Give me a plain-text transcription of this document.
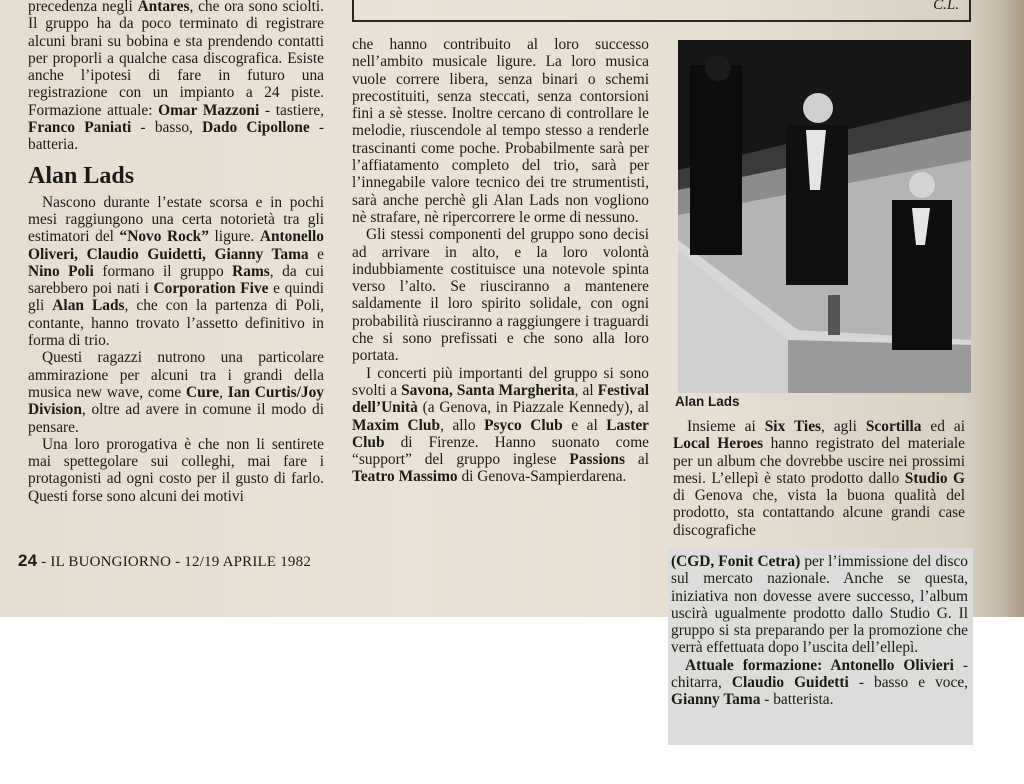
C.L.

precedenza negli Antares, che ora sono sciolti. Il gruppo ha da poco terminato di registrare alcuni brani su bobina e sta prendendo contatti per proporli a qualche casa discografica. Esiste anche l’ipotesi di fare in futuro una registrazione con un impianto a 24 piste. Formazione attuale: Omar Mazzoni - tastiere, Franco Paniati - basso, Dado Cipollone - batteria.

Alan Lads

Nascono durante l’estate scorsa e in pochi mesi raggiungono una certa notorietà tra gli estimatori del “Novo Rock” ligure. Antonello Oliveri, Claudio Guidetti, Gianny Tama e Nino Poli formano il gruppo Rams, da cui sarebbero poi nati i Corporation Five e quindi gli Alan Lads, che con la partenza di Poli, contante, hanno trovato l’assetto definitivo in forma di trio.

Questi ragazzi nutrono una particolare ammirazione per alcuni tra i grandi della musica new wave, come Cure, Ian Curtis/Joy Division, oltre ad avere in comune il modo di pensare.

Una loro prorogativa è che non li sentirete mai spettegolare sui colleghi, mai fare i protagonisti ad ogni costo per il gusto di farlo. Questi forse sono alcuni dei motivi

che hanno contribuito al loro successo nell’ambito musicale ligure. La loro musica vuole correre libera, senza binari o schemi precostituiti, senza steccati, senza contorsioni fini a sè stesse. Inoltre cercano di controllare le melodie, riuscendole al tempo stesso a renderle trascinanti come poche. Probabilmente sarà per l’affiatamento completo del trio, sarà per l’innegabile valore tecnico dei tre strumentisti, sarà anche perchè gli Alan Lads non vogliono nè strafare, nè ripercorrere le orme di nessuno.

Gli stessi componenti del gruppo sono decisi ad arrivare in alto, e la loro volontà indubbiamente costituisce una notevole spinta verso l’alto. Se riusciranno a mantenere saldamente il loro spirito solidale, con ogni probabilità riusciranno a raggiungere i traguardi che si sono prefissati e che sono alla loro portata.

I concerti più importanti del gruppo si sono svolti a Savona, Santa Margherita, al Festival dell’Unità (a Genova, in Piazzale Kennedy), al Maxim Club, allo Psyco Club e al Laster Club di Firenze. Hanno suonato come “support” del gruppo inglese Passions al Teatro Massimo di Genova-Sampierdarena.

Alan Lads

Insieme ai Six Ties, agli Scortilla ed ai Local Heroes hanno registrato del materiale per un album che dovrebbe uscire nei prossimi mesi. L’ellepì è stato prodotto dallo Studio G di Genova che, vista la buona qualità del prodotto, sta contattando alcune grandi case discografiche

24 - IL BUONGIORNO - 12/19 APRILE 1982	(CGD, Fonit Cetra) per l’immissione del disco sul mercato nazionale. Anche se questa, iniziativa non dovesse avere successo, l’album uscirà ugualmente prodotto dallo Studio G. Il gruppo si sta preparando per la promozione che verrà effettuata dopo l’uscita dell’ellepì.

Attuale formazione: Antonello Olivieri - chitarra, Claudio Guidetti - basso e voce, Gianny Tama - batterista.
